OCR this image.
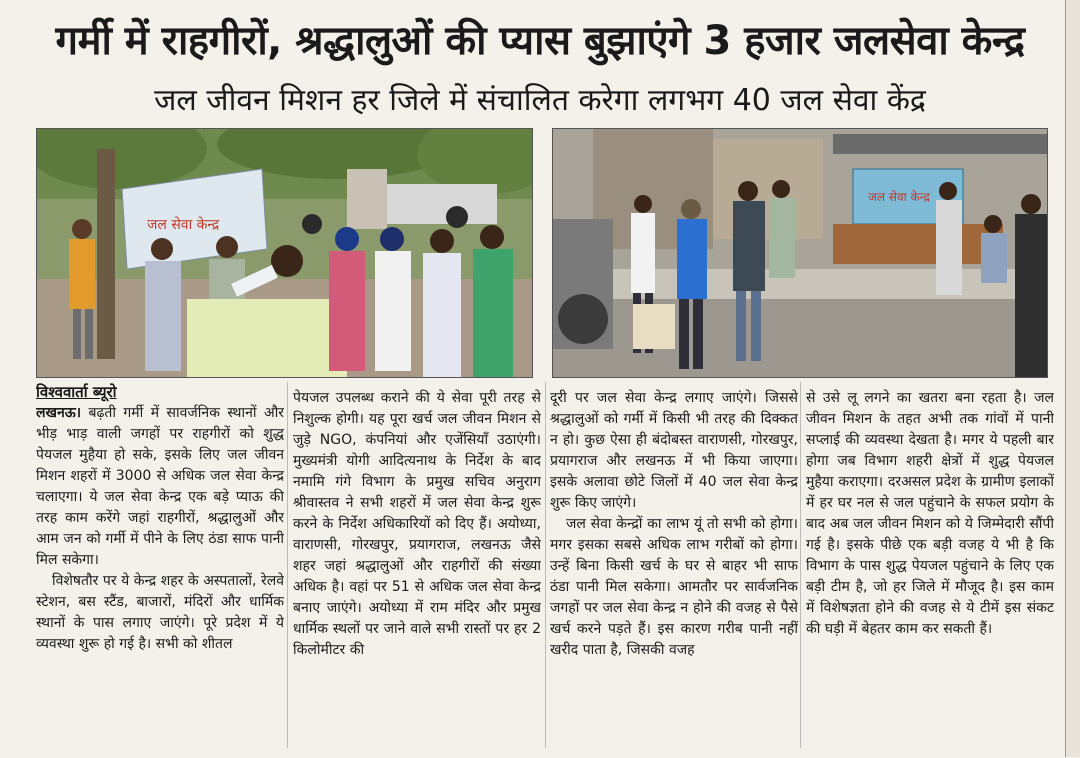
गर्मी में राहगीरों, श्रद्धालुओं की प्यास बुझाएंगे 3 हजार जलसेवा केन्द्र
जल जीवन मिशन हर जिले में संचालित करेगा लगभग 40 जल सेवा केंद्र
जल सेवा केन्द्र
जल सेवा केन्द्र
विश्ववार्ता ब्यूरो

लखनऊ। बढ़ती गर्मी में सावर्जनिक स्थानों और भीड़ भाड़ वाली जगहों पर राहगीरों को शुद्ध पेयजल मुहैया हो सके, इसके लिए जल जीवन मिशन शहरों में 3000 से अधिक जल सेवा केन्द्र चलाएगा। ये जल सेवा केन्द्र एक बड़े प्याऊ की तरह काम करेंगे जहां राहगीरों, श्रद्धालुओं और आम जन को गर्मी में पीने के लिए ठंडा साफ पानी मिल सकेगा।

विशेषतौर पर ये केन्द्र शहर के अस्पतालों, रेलवे स्टेशन, बस स्टैंड, बाजारों, मंदिरों और धार्मिक स्थानों के पास लगाए जाएंगे। पूरे प्रदेश में ये व्यवस्था शुरू हो गई है। सभी को शीतल

पेयजल उपलब्ध कराने की ये सेवा पूरी तरह से निशुल्क होगी। यह पूरा खर्च जल जीवन मिशन से जुड़े NGO, कंपनियां और एजेंसियाँ उठाएंगी। मुख्यमंत्री योगी आदित्यनाथ के निर्देश के बाद नमामि गंगे विभाग के प्रमुख सचिव अनुराग श्रीवास्तव ने सभी शहरों में जल सेवा केन्द्र शुरू करने के निर्देश अधिकारियों को दिए हैं। अयोध्या, वाराणसी, गोरखपुर, प्रयागराज, लखनऊ जैसे शहर जहां श्रद्धालुओं और राहगीरों की संख्या अधिक है। वहां पर 51 से अधिक जल सेवा केन्द्र बनाए जाएंगे। अयोध्या में राम मंदिर और प्रमुख धार्मिक स्थलों पर जाने वाले सभी रास्तों पर हर 2 किलोमीटर की

दूरी पर जल सेवा केन्द्र लगाए जाएंगे। जिससे श्रद्धालुओं को गर्मी में किसी भी तरह की दिक्कत न हो। कुछ ऐसा ही बंदोबस्त वाराणसी, गोरखपुर, प्रयागराज और लखनऊ में भी किया जाएगा। इसके अलावा छोटे जिलों में 40 जल सेवा केन्द्र शुरू किए जाएंगे।

जल सेवा केन्द्रों का लाभ यूं तो सभी को होगा। मगर इसका सबसे अधिक लाभ गरीबों को होगा। उन्हें बिना किसी खर्च के घर से बाहर भी साफ ठंडा पानी मिल सकेगा। आमतौर पर सार्वजनिक जगहों पर जल सेवा केन्द्र न होने की वजह से पैसे खर्च करने पड़ते हैं। इस कारण गरीब पानी नहीं खरीद पाता है, जिसकी वजह

से उसे लू लगने का खतरा बना रहता है। जल जीवन मिशन के तहत अभी तक गांवों में पानी सप्लाई की व्यवस्था देखता है। मगर ये पहली बार होगा जब विभाग शहरी क्षेत्रों में शुद्ध पेयजल मुहैया कराएगा। दरअसल प्रदेश के ग्रामीण इलाकों में हर घर नल से जल पहुंचाने के सफल प्रयोग के बाद अब जल जीवन मिशन को ये जिम्मेदारी सौंपी गई है। इसके पीछे एक बड़ी वजह ये भी है कि विभाग के पास शुद्ध पेयजल पहुंचाने के लिए एक बड़ी टीम है, जो हर जिले में मौजूद है। इस काम में विशेषज्ञता होने की वजह से ये टीमें इस संकट की घड़ी में बेहतर काम कर सकती हैं।
